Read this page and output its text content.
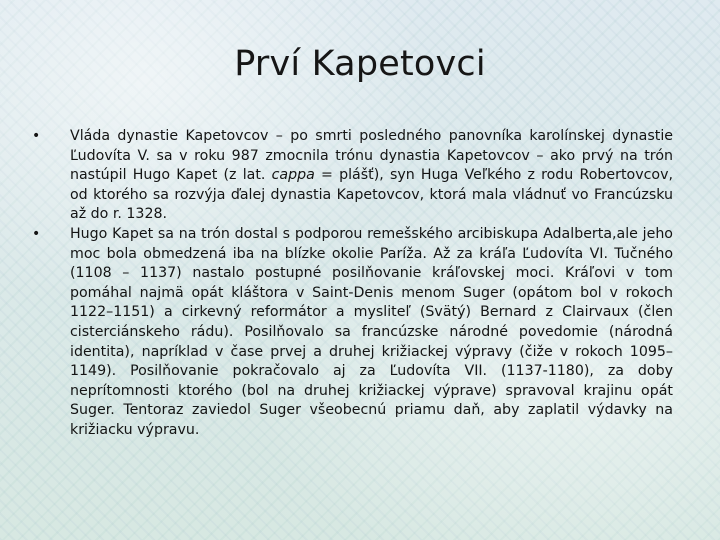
Prví Kapetovci
•	Vláda dynastie Kapetovcov – po smrti posledného panovníka karolínskej dynastie Ľudovíta V. sa v roku 987 zmocnila trónu dynastia Kapetovcov – ako prvý na trón nastúpil Hugo Kapet (z lat. cappa = plášť), syn Huga Veľkého z rodu Robertovcov, od ktorého sa rozvýja ďalej dynastia Kapetovcov, ktorá mala vládnuť vo Francúzsku až do r. 1328.
•	Hugo Kapet sa na trón dostal s podporou remešského arcibiskupa Adalberta,ale jeho moc bola obmedzená iba na blízke okolie Paríža. Až za kráľa Ľudovíta VI. Tučného (1108 – 1137) nastalo postupné posilňovanie kráľovskej moci. Kráľovi v tom pomáhal najmä opát kláštora v Saint-Denis menom Suger (opátom bol v rokoch 1122–1151) a cirkevný reformátor a mysliteľ (Svätý) Bernard z Clairvaux (člen cisterciánskeho rádu). Posilňovalo sa francúzske národné povedomie (národná identita), napríklad v čase prvej a druhej križiackej výpravy (čiže v rokoch 1095–1149). Posilňovanie pokračovalo aj za Ľudovíta VII. (1137-1180), za doby neprítomnosti ktorého (bol na druhej križiackej výprave) spravoval krajinu opát Suger. Tentoraz zaviedol Suger všeobecnú priamu daň, aby zaplatil výdavky na križiacku výpravu.
